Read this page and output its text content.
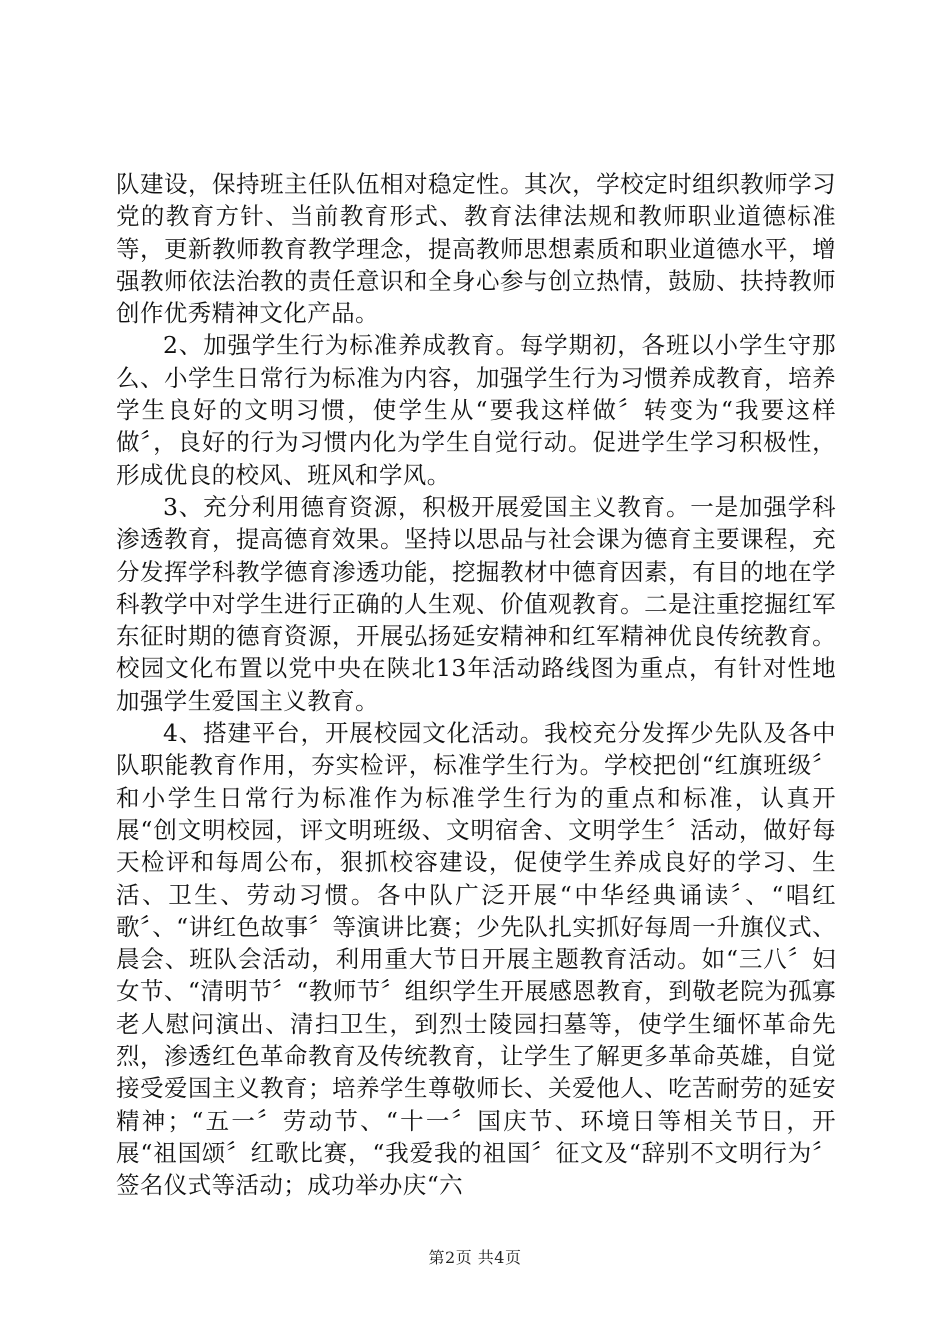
队建设，保持班主任队伍相对稳定性。其次，学校定时组织教师学习党的教育方针、当前教育形式、教育法律法规和教师职业道德标准等，更新教师教育教学理念，提高教师思想素质和职业道德水平，增强教师依法治教的责任意识和全身心参与创立热情，鼓励、扶持教师创作优秀精神文化产品。

2、加强学生行为标准养成教育。每学期初，各班以小学生守那么、小学生日常行为标准为内容，加强学生行为习惯养成教育，培养学生良好的文明习惯，使学生从“要我这样做〞转变为“我要这样做〞，良好的行为习惯内化为学生自觉行动。促进学生学习积极性，形成优良的校风、班风和学风。

3、充分利用德育资源，积极开展爱国主义教育。一是加强学科渗透教育，提高德育效果。坚持以思品与社会课为德育主要课程，充分发挥学科教学德育渗透功能，挖掘教材中德育因素，有目的地在学科教学中对学生进行正确的人生观、价值观教育。二是注重挖掘红军东征时期的德育资源，开展弘扬延安精神和红军精神优良传统教育。校园文化布置以党中央在陕北13年活动路线图为重点，有针对性地加强学生爱国主义教育。

4、搭建平台，开展校园文化活动。我校充分发挥少先队及各中队职能教育作用，夯实检评，标准学生行为。学校把创“红旗班级〞和小学生日常行为标准作为标准学生行为的重点和标准，认真开展“创文明校园，评文明班级、文明宿舍、文明学生〞活动，做好每天检评和每周公布，狠抓校容建设，促使学生养成良好的学习、生活、卫生、劳动习惯。各中队广泛开展“中华经典诵读〞、“唱红歌〞、“讲红色故事〞等演讲比赛；少先队扎实抓好每周一升旗仪式、晨会、班队会活动，利用重大节日开展主题教育活动。如“三八〞妇女节、“清明节〞“教师节〞组织学生开展感恩教育，到敬老院为孤寡老人慰问演出、清扫卫生，到烈士陵园扫墓等，使学生缅怀革命先烈，渗透红色革命教育及传统教育，让学生了解更多革命英雄，自觉接受爱国主义教育；培养学生尊敬师长、关爱他人、吃苦耐劳的延安精神；“五一〞劳动节、“十一〞国庆节、环境日等相关节日，开展“祖国颂〞红歌比赛，“我爱我的祖国〞征文及“辞别不文明行为〞签名仪式等活动；成功举办庆“六

第2页 共4页
